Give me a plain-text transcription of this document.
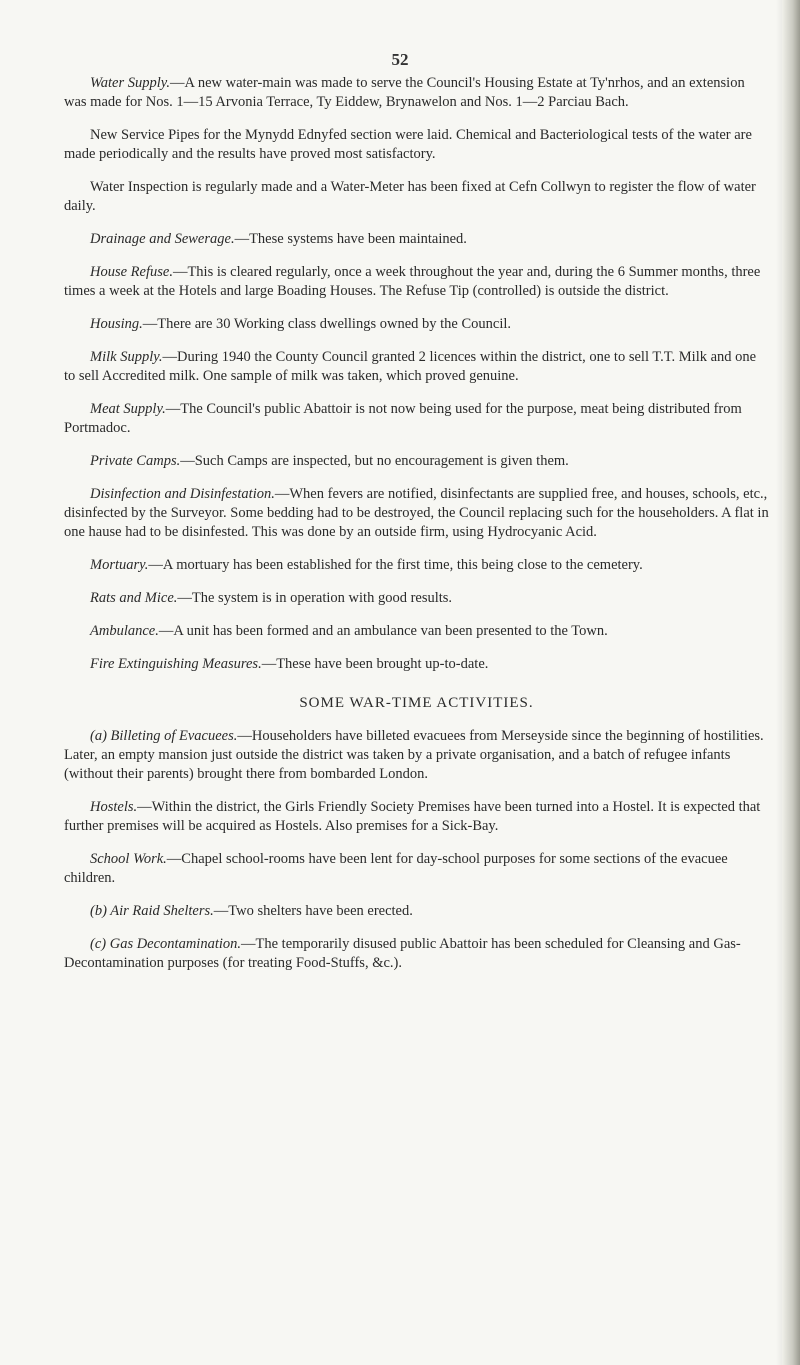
52

Water Supply.—A new water-main was made to serve the Council's Housing Estate at Ty'nrhos, and an extension was made for Nos. 1—15 Arvonia Terrace, Ty Eiddew, Brynawelon and Nos. 1—2 Parciau Bach.

New Service Pipes for the Mynydd Ednyfed section were laid. Chemical and Bacteriological tests of the water are made periodically and the results have proved most satisfactory.

Water Inspection is regularly made and a Water-Meter has been fixed at Cefn Collwyn to register the flow of water daily.

Drainage and Sewerage.—These systems have been maintained.

House Refuse.—This is cleared regularly, once a week throughout the year and, during the 6 Summer months, three times a week at the Hotels and large Boading Houses. The Refuse Tip (controlled) is outside the district.

Housing.—There are 30 Working class dwellings owned by the Council.

Milk Supply.—During 1940 the County Council granted 2 licences within the district, one to sell T.T. Milk and one to sell Accredited milk. One sample of milk was taken, which proved genuine.

Meat Supply.—The Council's public Abattoir is not now being used for the purpose, meat being distributed from Portmadoc.

Private Camps.—Such Camps are inspected, but no encouragement is given them.

Disinfection and Disinfestation.—When fevers are notified, disinfectants are supplied free, and houses, schools, etc., disinfected by the Surveyor. Some bedding had to be destroyed, the Council replacing such for the householders. A flat in one hause had to be disinfested. This was done by an outside firm, using Hydrocyanic Acid.

Mortuary.—A mortuary has been established for the first time, this being close to the cemetery.

Rats and Mice.—The system is in operation with good results.

Ambulance.—A unit has been formed and an ambulance van been presented to the Town.

Fire Extinguishing Measures.—These have been brought up-to-date.

SOME WAR-TIME ACTIVITIES.

(a) Billeting of Evacuees.—Householders have billeted evacuees from Merseyside since the beginning of hostilities. Later, an empty mansion just outside the district was taken by a private organisation, and a batch of refugee infants (without their parents) brought there from bombarded London.

Hostels.—Within the district, the Girls Friendly Society Premises have been turned into a Hostel. It is expected that further premises will be acquired as Hostels. Also premises for a Sick-Bay.

School Work.—Chapel school-rooms have been lent for day-school purposes for some sections of the evacuee children.

(b) Air Raid Shelters.—Two shelters have been erected.

(c) Gas Decontamination.—The temporarily disused public Abattoir has been scheduled for Cleansing and Gas-Decontamination purposes (for treating Food-Stuffs, &c.).
